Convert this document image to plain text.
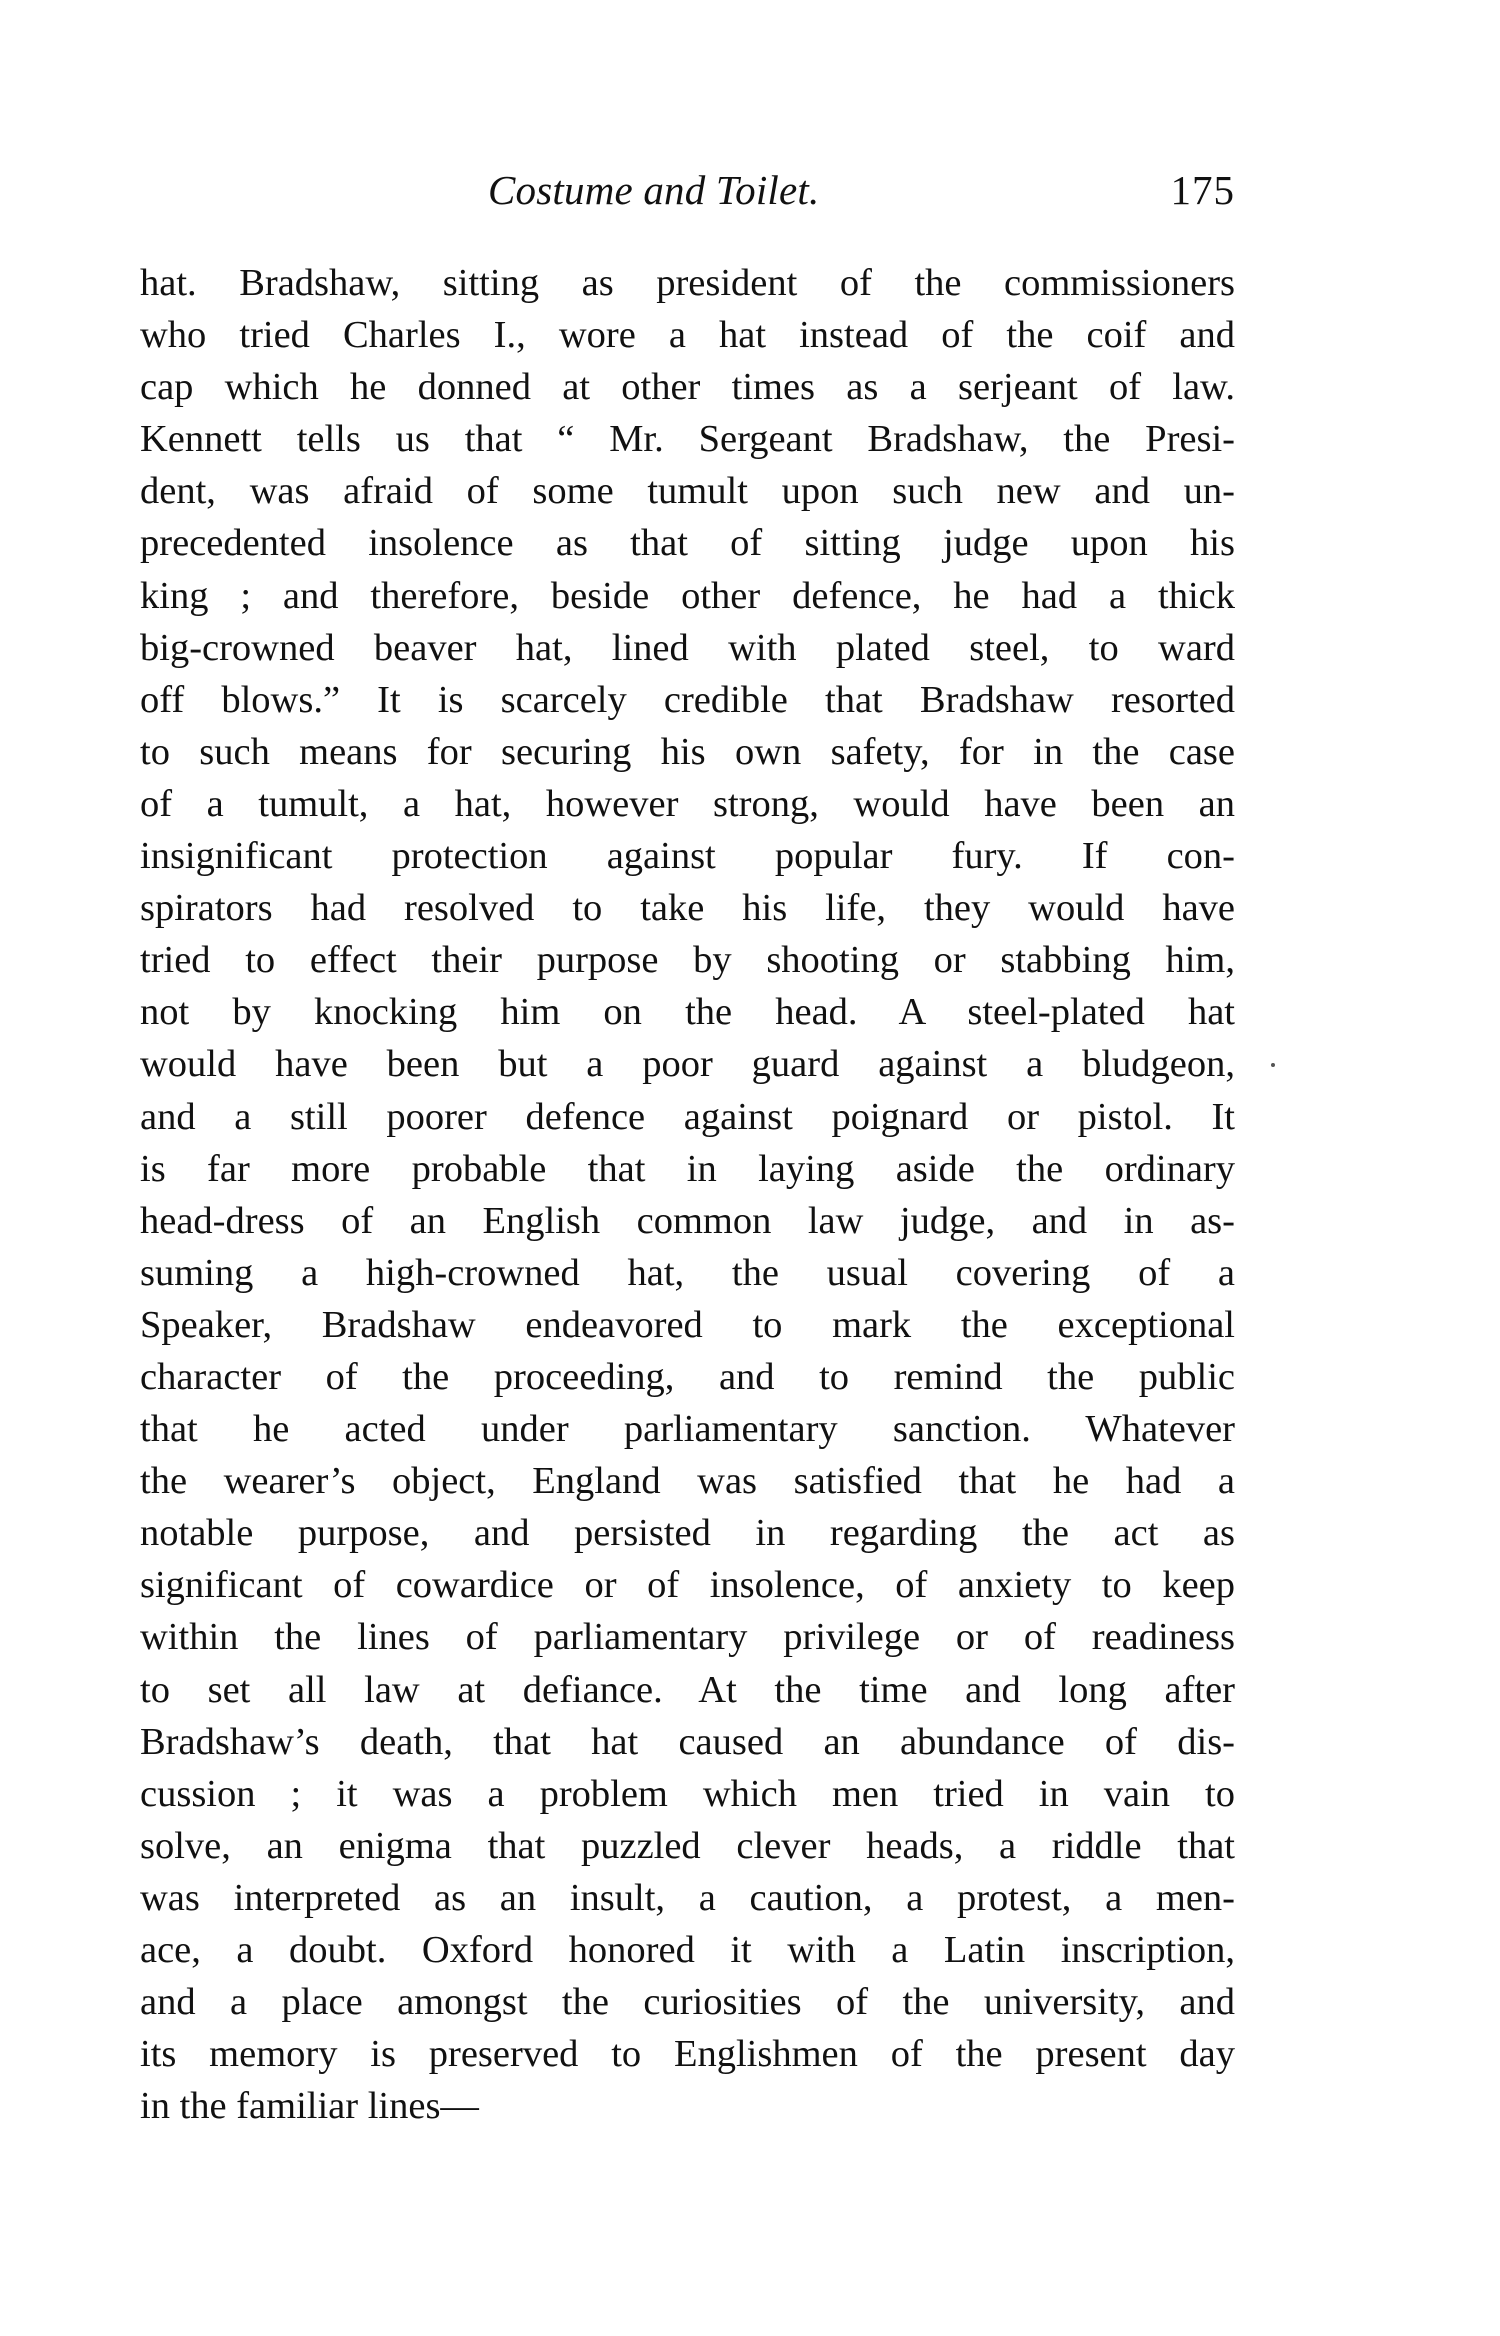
Costume and Toilet.	175

hat. Bradshaw, sitting as president of the commissioners
who tried Charles I., wore a hat instead of the coif and
cap which he donned at other times as a serjeant of law.
Kennett tells us that “ Mr. Sergeant Bradshaw, the Presi-
dent, was afraid of some tumult upon such new and un-
precedented insolence as that of sitting judge upon his
king ; and therefore, beside other defence, he had a thick
big-crowned beaver hat, lined with plated steel, to ward
off blows.” It is scarcely credible that Bradshaw resorted
to such means for securing his own safety, for in the case
of a tumult, a hat, however strong, would have been an
insignificant protection against popular fury. If con-
spirators had resolved to take his life, they would have
tried to effect their purpose by shooting or stabbing him,
not by knocking him on the head. A steel-plated hat
would have been but a poor guard against a bludgeon,
and a still poorer defence against poignard or pistol. It
is far more probable that in laying aside the ordinary
head-dress of an English common law judge, and in as-
suming a high-crowned hat, the usual covering of a
Speaker, Bradshaw endeavored to mark the exceptional
character of the proceeding, and to remind the public
that he acted under parliamentary sanction. Whatever
the wearer’s object, England was satisfied that he had a
notable purpose, and persisted in regarding the act as
significant of cowardice or of insolence, of anxiety to keep
within the lines of parliamentary privilege or of readiness
to set all law at defiance. At the time and long after
Bradshaw’s death, that hat caused an abundance of dis-
cussion ; it was a problem which men tried in vain to
solve, an enigma that puzzled clever heads, a riddle that
was interpreted as an insult, a caution, a protest, a men-
ace, a doubt. Oxford honored it with a Latin inscription,
and a place amongst the curiosities of the university, and
its memory is preserved to Englishmen of the present day
in the familiar lines—
